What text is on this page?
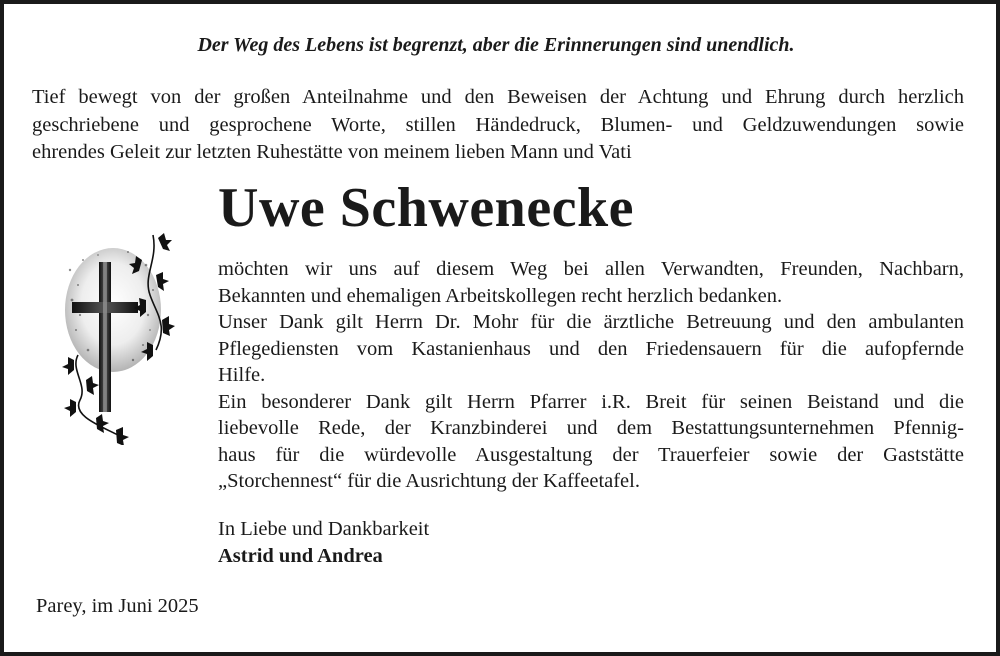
Der Weg des Lebens ist begrenzt, aber die Erinnerungen sind unendlich.
Tief bewegt von der großen Anteilnahme und den Beweisen der Achtung und Ehrung durch herzlich
geschriebene und gesprochene Worte, stillen Händedruck, Blumen- und Geldzuwendungen sowie
ehrendes Geleit zur letzten Ruhestätte von meinem lieben Mann und Vati
Uwe Schwenecke
möchten wir uns auf diesem Weg bei allen Verwandten, Freunden, Nachbarn,
Bekannten und ehemaligen Arbeitskollegen recht herzlich bedanken.
Unser Dank gilt Herrn Dr. Mohr für die ärztliche Betreuung und den ambulanten
Pflegediensten vom Kastanienhaus und den Friedensauern für die aufopfernde
Hilfe.
Ein besonderer Dank gilt Herrn Pfarrer i.R. Breit für seinen Beistand und die
liebevolle Rede, der Kranzbinderei und dem Bestattungsunternehmen Pfennig-
haus für die würdevolle Ausgestaltung der Trauerfeier sowie der Gaststätte
„Storchennest“ für die Ausrichtung der Kaffeetafel.
In Liebe und Dankbarkeit
Astrid und Andrea
Parey, im Juni 2025
